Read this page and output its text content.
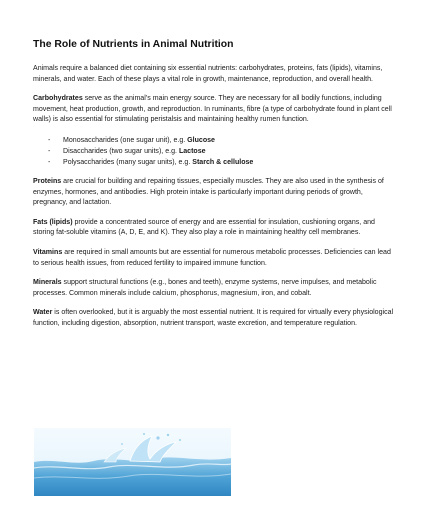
The Role of Nutrients in Animal Nutrition

Animals require a balanced diet containing six essential nutrients: carbohydrates, proteins, fats (lipids), vitamins, minerals, and water. Each of these plays a vital role in growth, maintenance, reproduction, and overall health.

Carbohydrates serve as the animal’s main energy source. They are necessary for all bodily functions, including movement, heat production, growth, and reproduction. In ruminants, fibre (a type of carbohydrate found in plant cell walls) is also essential for stimulating peristalsis and maintaining healthy rumen function.

- Monosaccharides (one sugar unit), e.g. Glucose
- Disaccharides (two sugar units), e.g. Lactose
- Polysaccharides (many sugar units), e.g. Starch & cellulose

Proteins are crucial for building and repairing tissues, especially muscles. They are also used in the synthesis of enzymes, hormones, and antibodies. High protein intake is particularly important during periods of growth, pregnancy, and lactation.

Fats (lipids) provide a concentrated source of energy and are essential for insulation, cushioning organs, and storing fat-soluble vitamins (A, D, E, and K). They also play a role in maintaining healthy cell membranes.

Vitamins are required in small amounts but are essential for numerous metabolic processes. Deficiencies can lead to serious health issues, from reduced fertility to impaired immune function.

Minerals support structural functions (e.g., bones and teeth), enzyme systems, nerve impulses, and metabolic processes. Common minerals include calcium, phosphorus, magnesium, iron, and cobalt.

Water is often overlooked, but it is arguably the most essential nutrient. It is required for virtually every physiological function, including digestion, absorption, nutrient transport, waste excretion, and temperature regulation.
